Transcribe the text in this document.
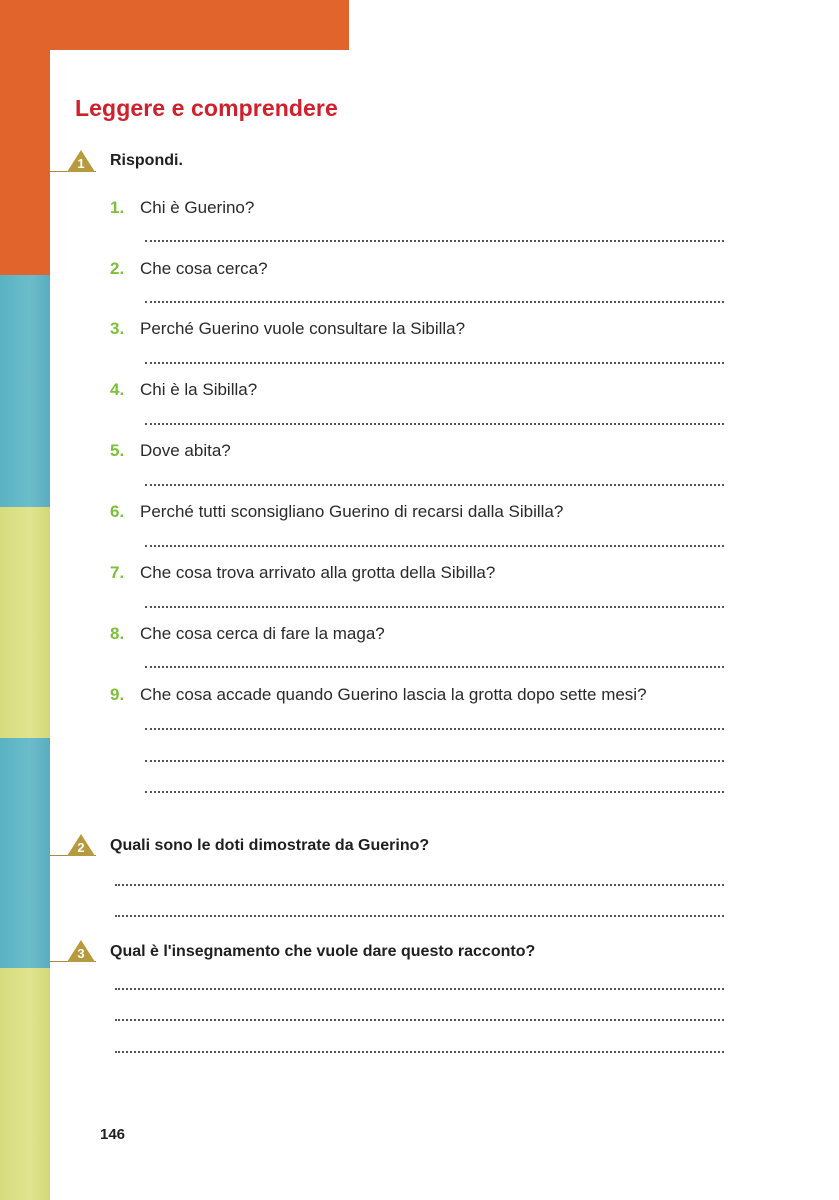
Leggere e comprendere
1	Rispondi.
1. Chi è Guerino?
2. Che cosa cerca?
3. Perché Guerino vuole consultare la Sibilla?
4. Chi è la Sibilla?
5. Dove abita?
6. Perché tutti sconsigliano Guerino di recarsi dalla Sibilla?
7. Che cosa trova arrivato alla grotta della Sibilla?
8. Che cosa cerca di fare la maga?
9. Che cosa accade quando Guerino lascia la grotta dopo sette mesi?
2	Quali sono le doti dimostrate da Guerino?
3	Qual è l'insegnamento che vuole dare questo racconto?
146
